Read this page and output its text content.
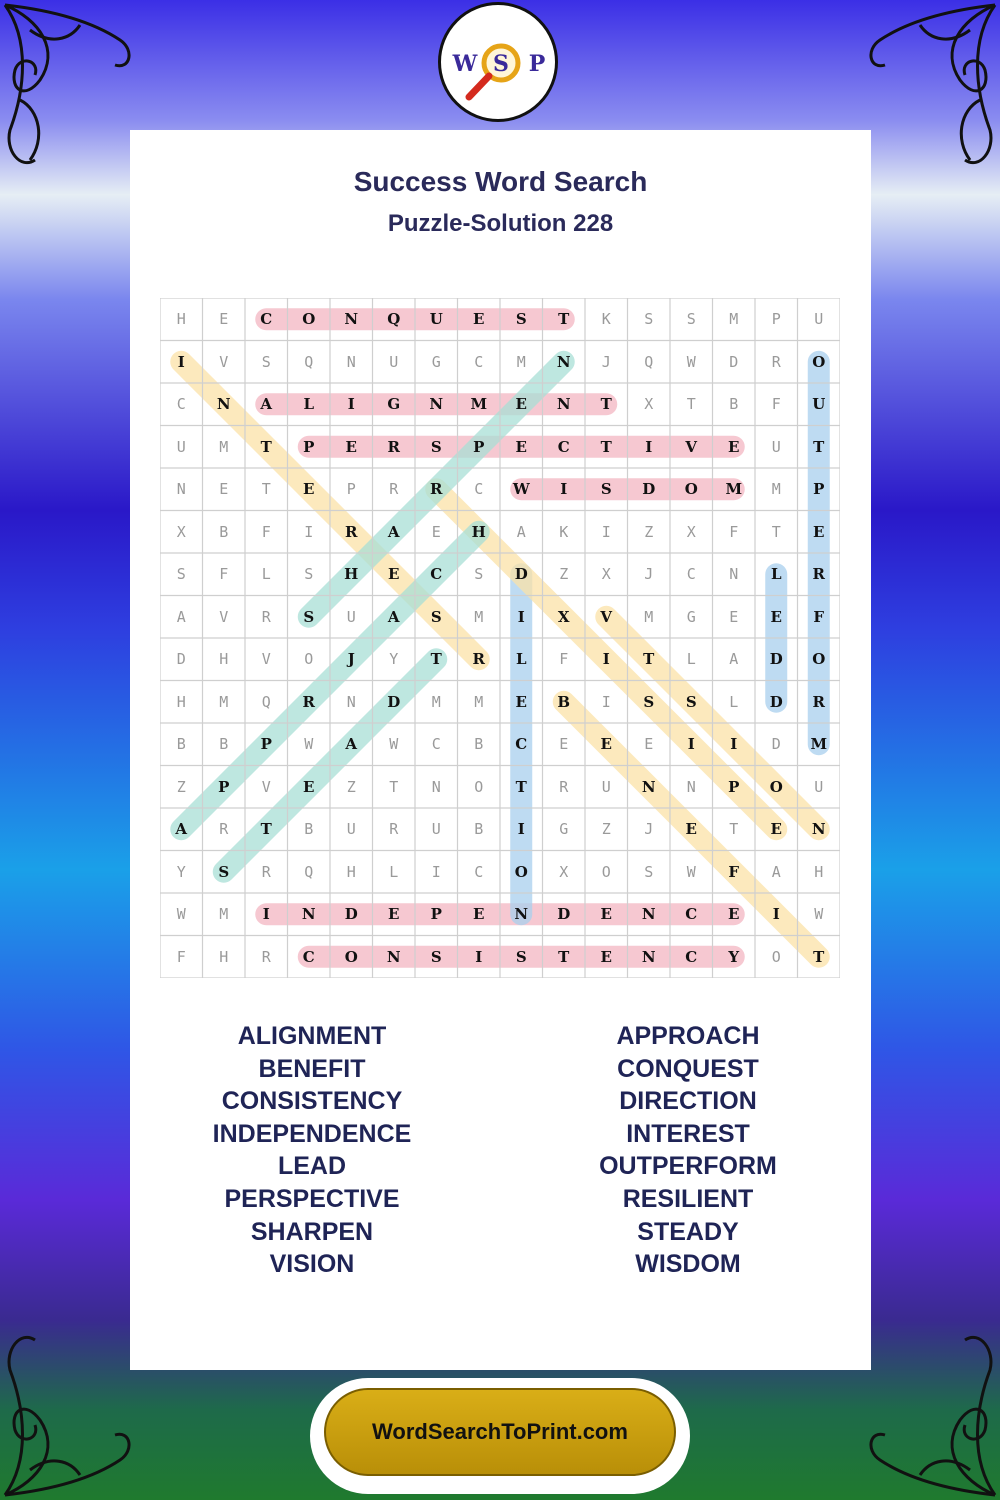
W S P
Success Word Search
Puzzle-Solution 228
H	E	C	O	N	Q	U	E	S	T	K	S	S	M	P	U
I	V	S	Q	N	U	G	C	M	N	J	Q	W	D	R	O
C	N	A	L	I	G	N	M	E	N	T	X	T	B	F	U
U	M	T	P	E	R	S	P	E	C	T	I	V	E	U	T
N	E	T	E	P	R	R	C	W	I	S	D	O	M	M	P
X	B	F	I	R	A	E	H	A	K	I	Z	X	F	T	E
S	F	L	S	H	E	C	S	D	Z	X	J	C	N	L	R
A	V	R	S	U	A	S	M	I	X	V	M	G	E	E	F
D	H	V	O	J	Y	T	R	L	F	I	T	L	A	D	O
H	M	Q	R	N	D	M	M	E	B	I	S	S	L	D	R
B	B	P	W	A	W	C	B	C	E	E	E	I	I	D	M
Z	P	V	E	Z	T	N	O	T	R	U	N	N	P	O	U
A	R	T	B	U	R	U	B	I	G	Z	J	E	T	E	N
Y	S	R	Q	H	L	I	C	O	X	O	S	W	F	A	H
W	M	I	N	D	E	P	E	N	D	E	N	C	E	I	W
F	H	R	C	O	N	S	I	S	T	E	N	C	Y	O	T
ALIGNMENT
BENEFIT
CONSISTENCY
INDEPENDENCE
LEAD
PERSPECTIVE
SHARPEN
VISION
APPROACH
CONQUEST
DIRECTION
INTEREST
OUTPERFORM
RESILIENT
STEADY
WISDOM
WordSearchToPrint.com
